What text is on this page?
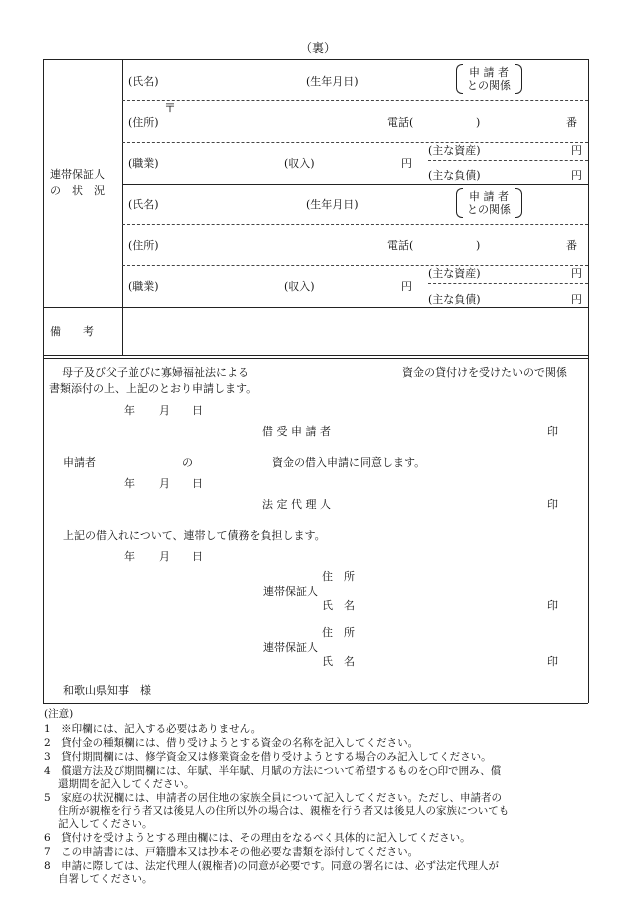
（裏）
連帯保証人
の　状　況
(氏名)	(生年月日)
申 請 者
との関係
〒
(住所)	電話(	)	番
(職業)	(収入)	円
(主な資産)	円
(主な負債)	円
(氏名)	(生年月日)
申 請 者
との関係
(住所)	電話(	)	番
(職業)	(収入)	円
(主な資産)	円
(主な負債)	円
備　　考
母子及び父子並びに寡婦福祉法による	資金の貸付けを受けたいので関係
書類添付の上、上記のとおり申請します。
年 月 日
借 受 申 請 者	印
申請者	の	資金の借入申請に同意します。
年 月 日
法 定 代 理 人	印
上記の借入れについて、連帯して債務を負担します。
年 月 日
住　所
連帯保証人
氏　名	印
住　所
連帯保証人
氏　名	印
和歌山県知事　様
(注意)
1　※印欄には、記入する必要はありません。
2　貸付金の種類欄には、借り受けようとする資金の名称を記入してください。
3　貸付期間欄には、修学資金又は修業資金を借り受けようとする場合のみ記入してください。
4　償還方法及び期間欄には、年賦、半年賦、月賦の方法について希望するものを○印で囲み、償
還期間を記入してください。
5　家庭の状況欄には、申請者の居住地の家族全員について記入してください。ただし、申請者の
住所が親権を行う者又は後見人の住所以外の場合は、親権を行う者又は後見人の家族についても
記入してください。
6　貸付けを受けようとする理由欄には、その理由をなるべく具体的に記入してください。
7　この申請書には、戸籍謄本又は抄本その他必要な書類を添付してください。
8　申請に際しては、法定代理人(親権者)の同意が必要です。同意の署名には、必ず法定代理人が
自署してください。
